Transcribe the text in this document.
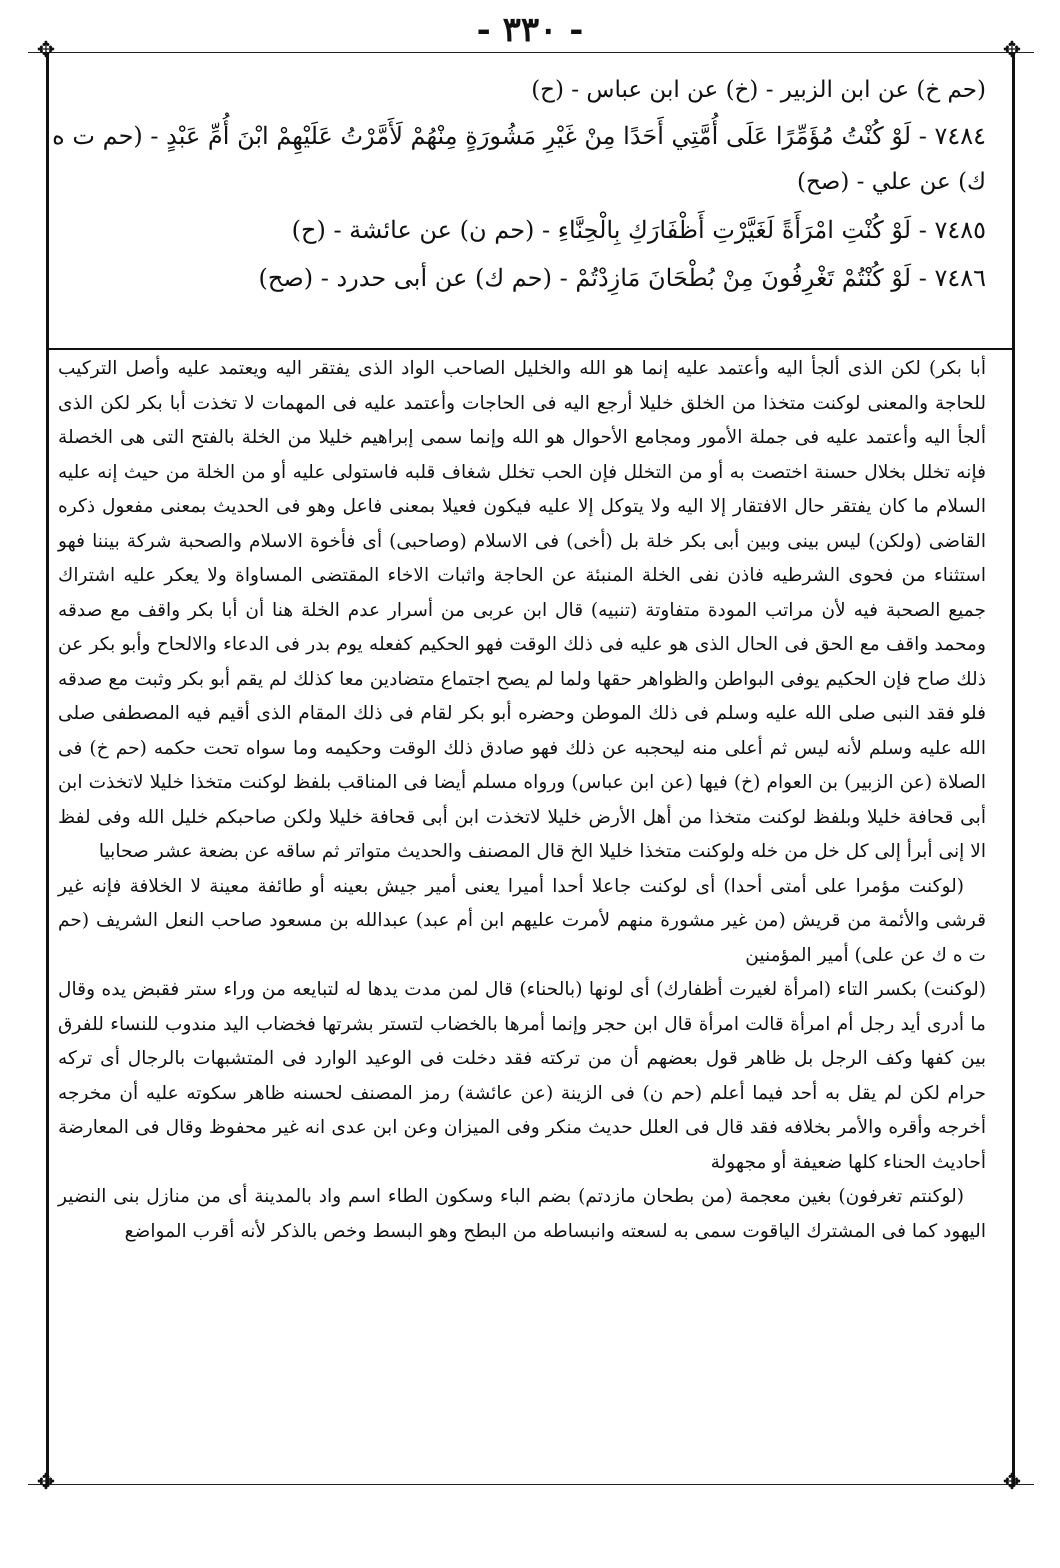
- ٣٣٠ -
✥	✥
✥	✥

(حم خ) عن ابن الزبير - (خ) عن ابن عباس - (ح)

٧٤٨٤ - لَوْ كُنْتُ مُؤَمِّرًا عَلَى أُمَّتِي أَحَدًا مِنْ غَيْرِ مَشُورَةٍ مِنْهُمْ لَأَمَّرْتُ عَلَيْهِمْ ابْنَ أُمِّ عَبْدٍ - (حم ت ه

ك) عن علي - (صح)

٧٤٨٥ - لَوْ كُنْتِ امْرَأَةً لَغَيَّرْتِ أَظْفَارَكِ بِالْحِنَّاءِ - (حم ن) عن عائشة - (ح)

٧٤٨٦ - لَوْ كُنْتُمْ تَغْرِفُونَ مِنْ بُطْحَانَ مَازِدْتُمْ - (حم ك) عن أبى حدرد - (صح)

أبا بكر) لكن الذى ألجأ اليه وأعتمد عليه إنما هو الله والخليل الصاحب الواد الذى يفتقر اليه ويعتمد عليه وأصل التركيب للحاجة والمعنى لوكنت متخذا من الخلق خليلا أرجع اليه فى الحاجات وأعتمد عليه فى المهمات لا تخذت أبا بكر لكن الذى ألجأ اليه وأعتمد عليه فى جملة الأمور ومجامع الأحوال هو الله وإنما سمى إبراهيم خليلا من الخلة بالفتح التى هى الخصلة فإنه تخلل بخلال حسنة اختصت به أو من التخلل فإن الحب تخلل شغاف قلبه فاستولى عليه أو من الخلة من حيث إنه عليه السلام ما كان يفتقر حال الافتقار إلا اليه ولا يتوكل إلا عليه فيكون فعيلا بمعنى فاعل وهو فى الحديث بمعنى مفعول ذكره القاضى (ولكن) ليس بينى وبين أبى بكر خلة بل (أخى) فى الاسلام (وصاحبى) أى فأخوة الاسلام والصحبة شركة بيننا فهو استثناء من فحوى الشرطيه فاذن نفى الخلة المنبئة عن الحاجة واثبات الاخاء المقتضى المساواة ولا يعكر عليه اشتراك جميع الصحبة فيه لأن مراتب المودة متفاوتة (تنبيه) قال ابن عربى من أسرار عدم الخلة هنا أن أبا بكر واقف مع صدقه ومحمد واقف مع الحق فى الحال الذى هو عليه فى ذلك الوقت فهو الحكيم كفعله يوم بدر فى الدعاء والالحاح وأبو بكر عن ذلك صاح فإن الحكيم يوفى البواطن والظواهر حقها ولما لم يصح اجتماع متضادين معا كذلك لم يقم أبو بكر وثبت مع صدقه فلو فقد النبى صلى الله عليه وسلم فى ذلك الموطن وحضره أبو بكر لقام فى ذلك المقام الذى أقيم فيه المصطفى صلى الله عليه وسلم لأنه ليس ثم أعلى منه ليحجبه عن ذلك فهو صادق ذلك الوقت وحكيمه وما سواه تحت حكمه (حم خ) فى الصلاة (عن الزبير) بن العوام (خ) فيها (عن ابن عباس) ورواه مسلم أيضا فى المناقب بلفظ لوكنت متخذا خليلا لاتخذت ابن أبى قحافة خليلا وبلفظ لوكنت متخذا من أهل الأرض خليلا لاتخذت ابن أبى قحافة خليلا ولكن صاحبكم خليل الله وفى لفظ الا إنى أبرأ إلى كل خل من خله ولوكنت متخذا خليلا الخ قال المصنف والحديث متواتر ثم ساقه عن بضعة عشر صحابيا

(لوكنت مؤمرا على أمتى أحدا) أى لوكنت جاعلا أحدا أميرا يعنى أمير جيش بعينه أو طائفة معينة لا الخلافة فإنه غير قرشى والأئمة من قريش (من غير مشورة منهم لأمرت عليهم ابن أم عبد) عبدالله بن مسعود صاحب النعل الشريف (حم ت ه ك عن على) أمير المؤمنين

(لوكنت) بكسر التاء (امرأة لغيرت أظفارك) أى لونها (بالحناء) قال لمن مدت يدها له لتبايعه من وراء ستر فقبض يده وقال ما أدرى أيد رجل أم امرأة قالت امرأة قال ابن حجر وإنما أمرها بالخضاب لتستر بشرتها فخضاب اليد مندوب للنساء للفرق بين كفها وكف الرجل بل ظاهر قول بعضهم أن من تركته فقد دخلت فى الوعيد الوارد فى المتشبهات بالرجال أى تركه حرام لكن لم يقل به أحد فيما أعلم (حم ن) فى الزينة (عن عائشة) رمز المصنف لحسنه ظاهر سكوته عليه أن مخرجه أخرجه وأقره والأمر بخلافه فقد قال فى العلل حديث منكر وفى الميزان وعن ابن عدى انه غير محفوظ وقال فى المعارضة أحاديث الحناء كلها ضعيفة أو مجهولة

(لوكنتم تغرفون) بغين معجمة (من بطحان مازدتم) بضم الباء وسكون الطاء اسم واد بالمدينة أى من منازل بنى النضير اليهود كما فى المشترك الياقوت سمى به لسعته وانبساطه من البطح وهو البسط وخص بالذكر لأنه أقرب المواضع
